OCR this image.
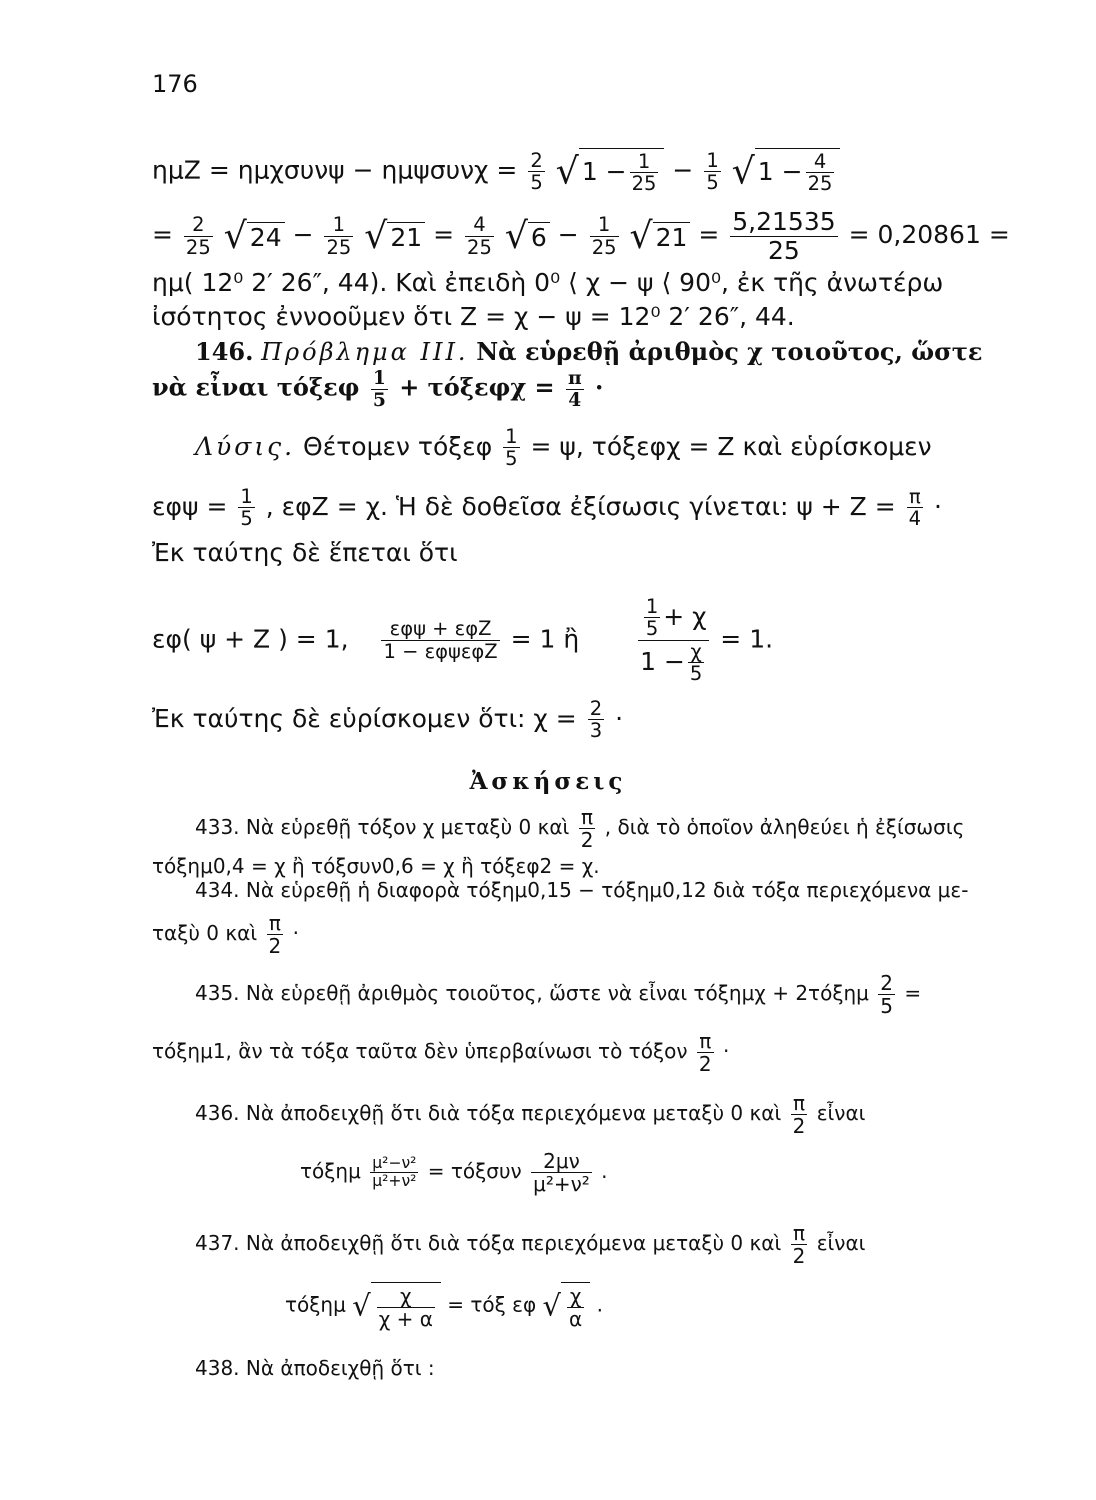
176
$\eta\mu Z = \eta\mu\chi\sigma\upsilon\nu\psi - \eta\mu\psi\sigma\upsilon\nu\chi = \frac{2}{5}$ √ $1 - \frac{1}{25} - \frac{1}{5}$ √ $1 - \frac{4}{25}$
= $\frac{2}{25}$ √ $24 - \frac{1}{25}$ √ $21 = \frac{4}{25}$ √ $6 - \frac{1}{25}$ √ $21 = \frac{5,21535}{25} = 0,20861$ =
ημ( 12⁰ 2′ 26″, 44). Καὶ ἐπειδὴ 0⁰ ⟨ χ − ψ ⟨ 90⁰, ἐκ τῆς ἀνωτέρω
ἰσότητος ἐννοοῦμεν ὅτι Ζ = χ − ψ = 12⁰ 2′ 26″, 44.
146. Πρόβλημα III. Νὰ εὑρεθῇ ἀριθμὸς χ τοιοῦτος, ὥστε
νὰ εἶναι τόξεφ $\frac{1}{5} + \tau ό\xi\varepsilon\varphi\chi = \frac{\pi}{4}$ ·
Λύσις. Θέτομεν τόξεφ $\frac{1}{5} = \psi$, τόξεφχ = Ζ καὶ εὑρίσκομεν
$\varepsilon\varphi\psi = \frac{1}{5}$ , εφΖ = χ. Ἡ δὲ δοθεῖσα ἐξίσωσις γίνεται: $\psi + Z = \frac{\pi}{4}$ ·
Ἐκ ταύτης δὲ ἕπεται ὅτι
εφ( ψ + Ζ ) = 1, $\frac{\text{εφψ + εφΖ}}{\text{1 − εφψεφΖ}} = 1$ ἢ	$\frac{\frac{1}{5} + \chi}{1 - \frac{\chi}{5}} = 1$.
Ἐκ ταύτης δὲ εὑρίσκομεν ὅτι: $\chi = \frac{2}{3}$ ·
Ἀσκήσεις
433. Νὰ εὑρεθῇ τόξον χ μεταξὺ 0 καὶ $\frac{\pi}{2}$ , διὰ τὸ ὁποῖον ἀληθεύει ἡ ἐξίσωσις
τόξημ0,4 = χ ἢ τόξσυν0,6 = χ ἢ τόξεφ2 = χ.
434. Νὰ εὑρεθῇ ἡ διαφορὰ τόξημ0,15 − τόξημ0,12 διὰ τόξα περιεχόμενα με-
ταξὺ 0 καὶ $\frac{\pi}{2}$ ·
435. Νὰ εὑρεθῇ ἀριθμὸς τοιοῦτος, ὥστε νὰ εἶναι $\tau ό\xi\eta\mu\chi + 2\tau ό\xi\eta\mu \frac{2}{5}$ =
τόξημ1, ἂν τὰ τόξα ταῦτα δὲν ὑπερβαίνωσι τὸ τόξον $\frac{\pi}{2}$ ·
436. Νὰ ἀποδειχθῇ ὅτι διὰ τόξα περιεχόμενα μεταξὺ 0 καὶ $\frac{\pi}{2}$ εἶναι
τόξημ $\frac{\text{μ²−ν²}}{\text{μ²+ν²}} = \tau ό\xi\sigma\upsilon\nu \frac{2\mu\nu}{\text{μ²+ν²}}$ .
437. Νὰ ἀποδειχθῇ ὅτι διὰ τόξα περιεχόμενα μεταξὺ 0 καὶ $\frac{\pi}{2}$ εἶναι
τόξημ √ $\frac{\chi}{\chi + \alpha} = \tau ό\xi$ εφ √ $\frac{\chi}{\alpha}$ .
438. Νὰ ἀποδειχθῇ ὅτι :
